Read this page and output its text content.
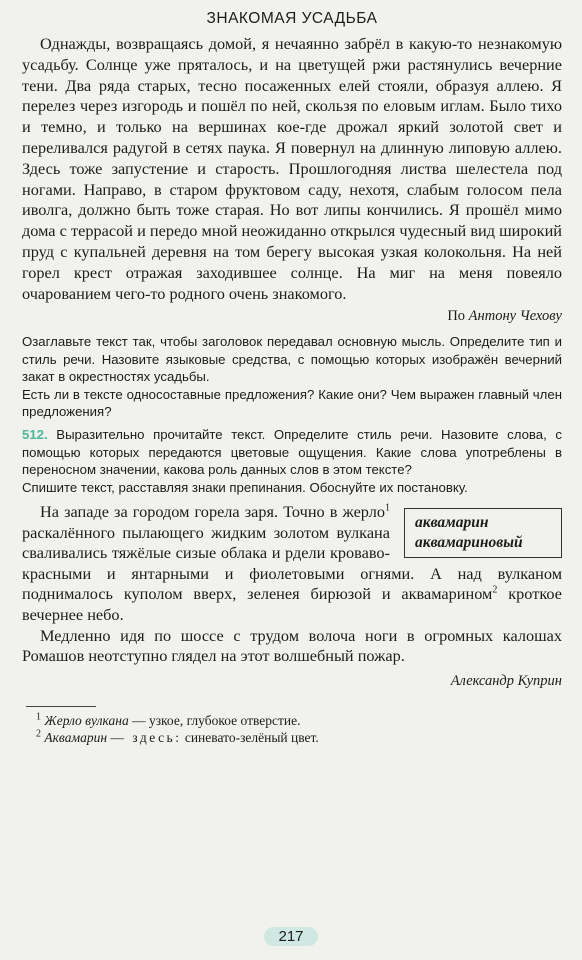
ЗНАКОМАЯ УСАДЬБА

Однажды, возвращаясь домой, я нечаянно забрёл в какую-то незнакомую усадьбу. Солнце уже пряталось, и на цветущей ржи растянулись вечерние тени. Два ряда старых, тесно посаженных елей стояли, образуя аллею. Я перелез через изгородь и пошёл по ней, скользя по еловым иглам. Было тихо и темно, и только на вершинах кое-где дрожал яркий золотой свет и переливался радугой в сетях паука. Я повернул на длинную липовую аллею. Здесь тоже запустение и старость. Прошлогодняя листва шелестела под ногами. Направо, в старом фруктовом саду, нехотя, слабым голосом пела иволга, должно быть тоже старая. Но вот липы кончились. Я прошёл мимо дома с террасой и передо мной неожиданно открылся чудесный вид широкий пруд с купальней деревня на том берегу высокая узкая колокольня. На ней горел крест отражая заходившее солнце. На миг на меня повеяло очарованием чего-то родного очень знакомого.

По Антону Чехову

Озаглавьте текст так, чтобы заголовок передавал основную мысль. Определите тип и стиль речи. Назовите языковые средства, с помощью которых изображён вечерний закат в окрестностях усадьбы.

Есть ли в тексте односоставные предложения? Какие они? Чем выражен главный член предложения?

512. Выразительно прочитайте текст. Определите стиль речи. Назовите слова, с помощью которых передаются цветовые ощущения. Какие слова употреблены в переносном значении, какова роль данных слов в этом тексте?

Спишите текст, расставляя знаки препинания. Обоснуйте их постановку.

аквамарин
аквамариновый

На западе за городом горела заря. Точно в жерло$^1$ раскалённого пылающего жидким золотом вулкана сваливались тяжёлые сизые облака и рдели кроваво-красными и янтарными и фиолетовыми огнями. А над вулканом поднималось куполом вверх, зеленея бирюзой и аквамарином$^2$ кроткое вечернее небо.

Медленно идя по шоссе с трудом волоча ноги в огромных калошах Ромашов неотступно глядел на этот волшебный пожар.

Александр Куприн

$^1$ Жерло вулкана — узкое, глубокое отверстие.

$^2$ Аквамарин — здесь: синевато-зелёный цвет.

217
